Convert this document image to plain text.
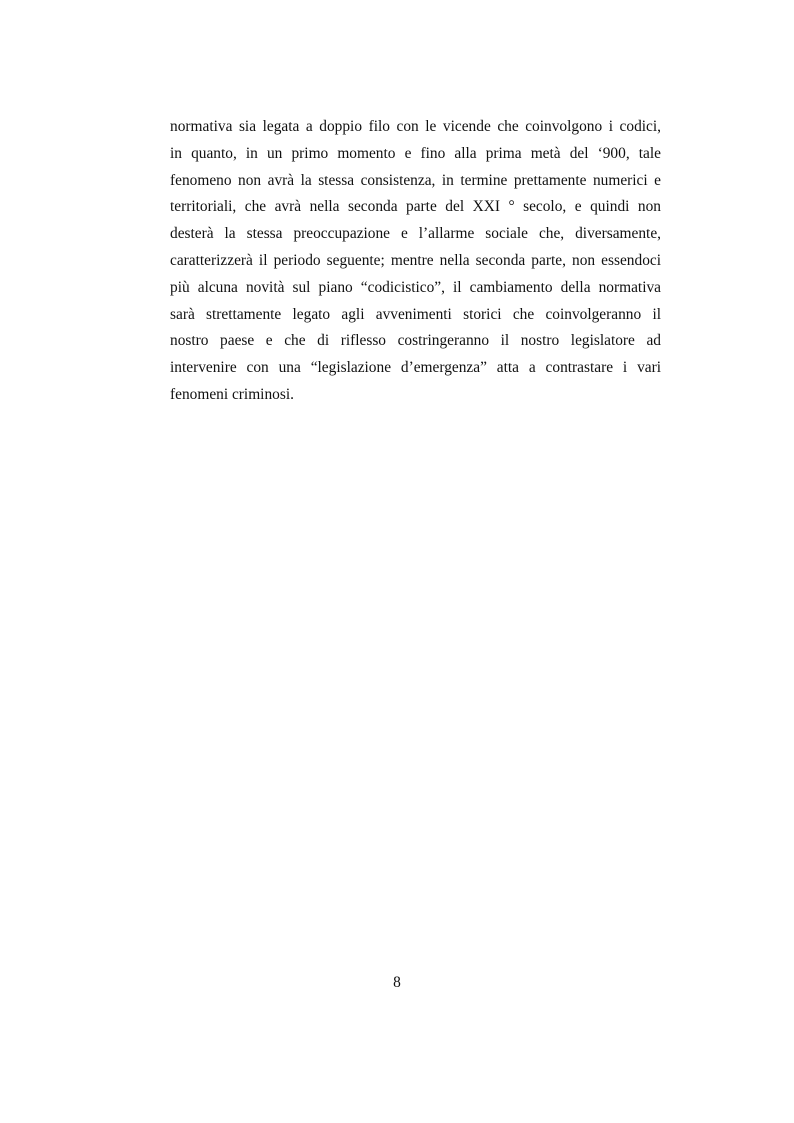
normativa sia legata a doppio filo con le vicende che coinvolgono i codici,
in quanto, in un primo momento e fino alla prima metà del ‘900, tale
fenomeno non avrà la stessa consistenza, in termine prettamente numerici e
territoriali, che avrà nella seconda parte del XXI ° secolo, e quindi non
desterà la stessa preoccupazione e l’allarme sociale che, diversamente,
caratterizzerà il periodo seguente; mentre nella seconda parte, non essendoci
più alcuna novità sul piano “codicistico”, il cambiamento della normativa
sarà strettamente legato agli avvenimenti storici che coinvolgeranno il
nostro paese e che di riflesso costringeranno il nostro legislatore ad
intervenire con una “legislazione d’emergenza” atta a contrastare i vari
fenomeni criminosi.
8
